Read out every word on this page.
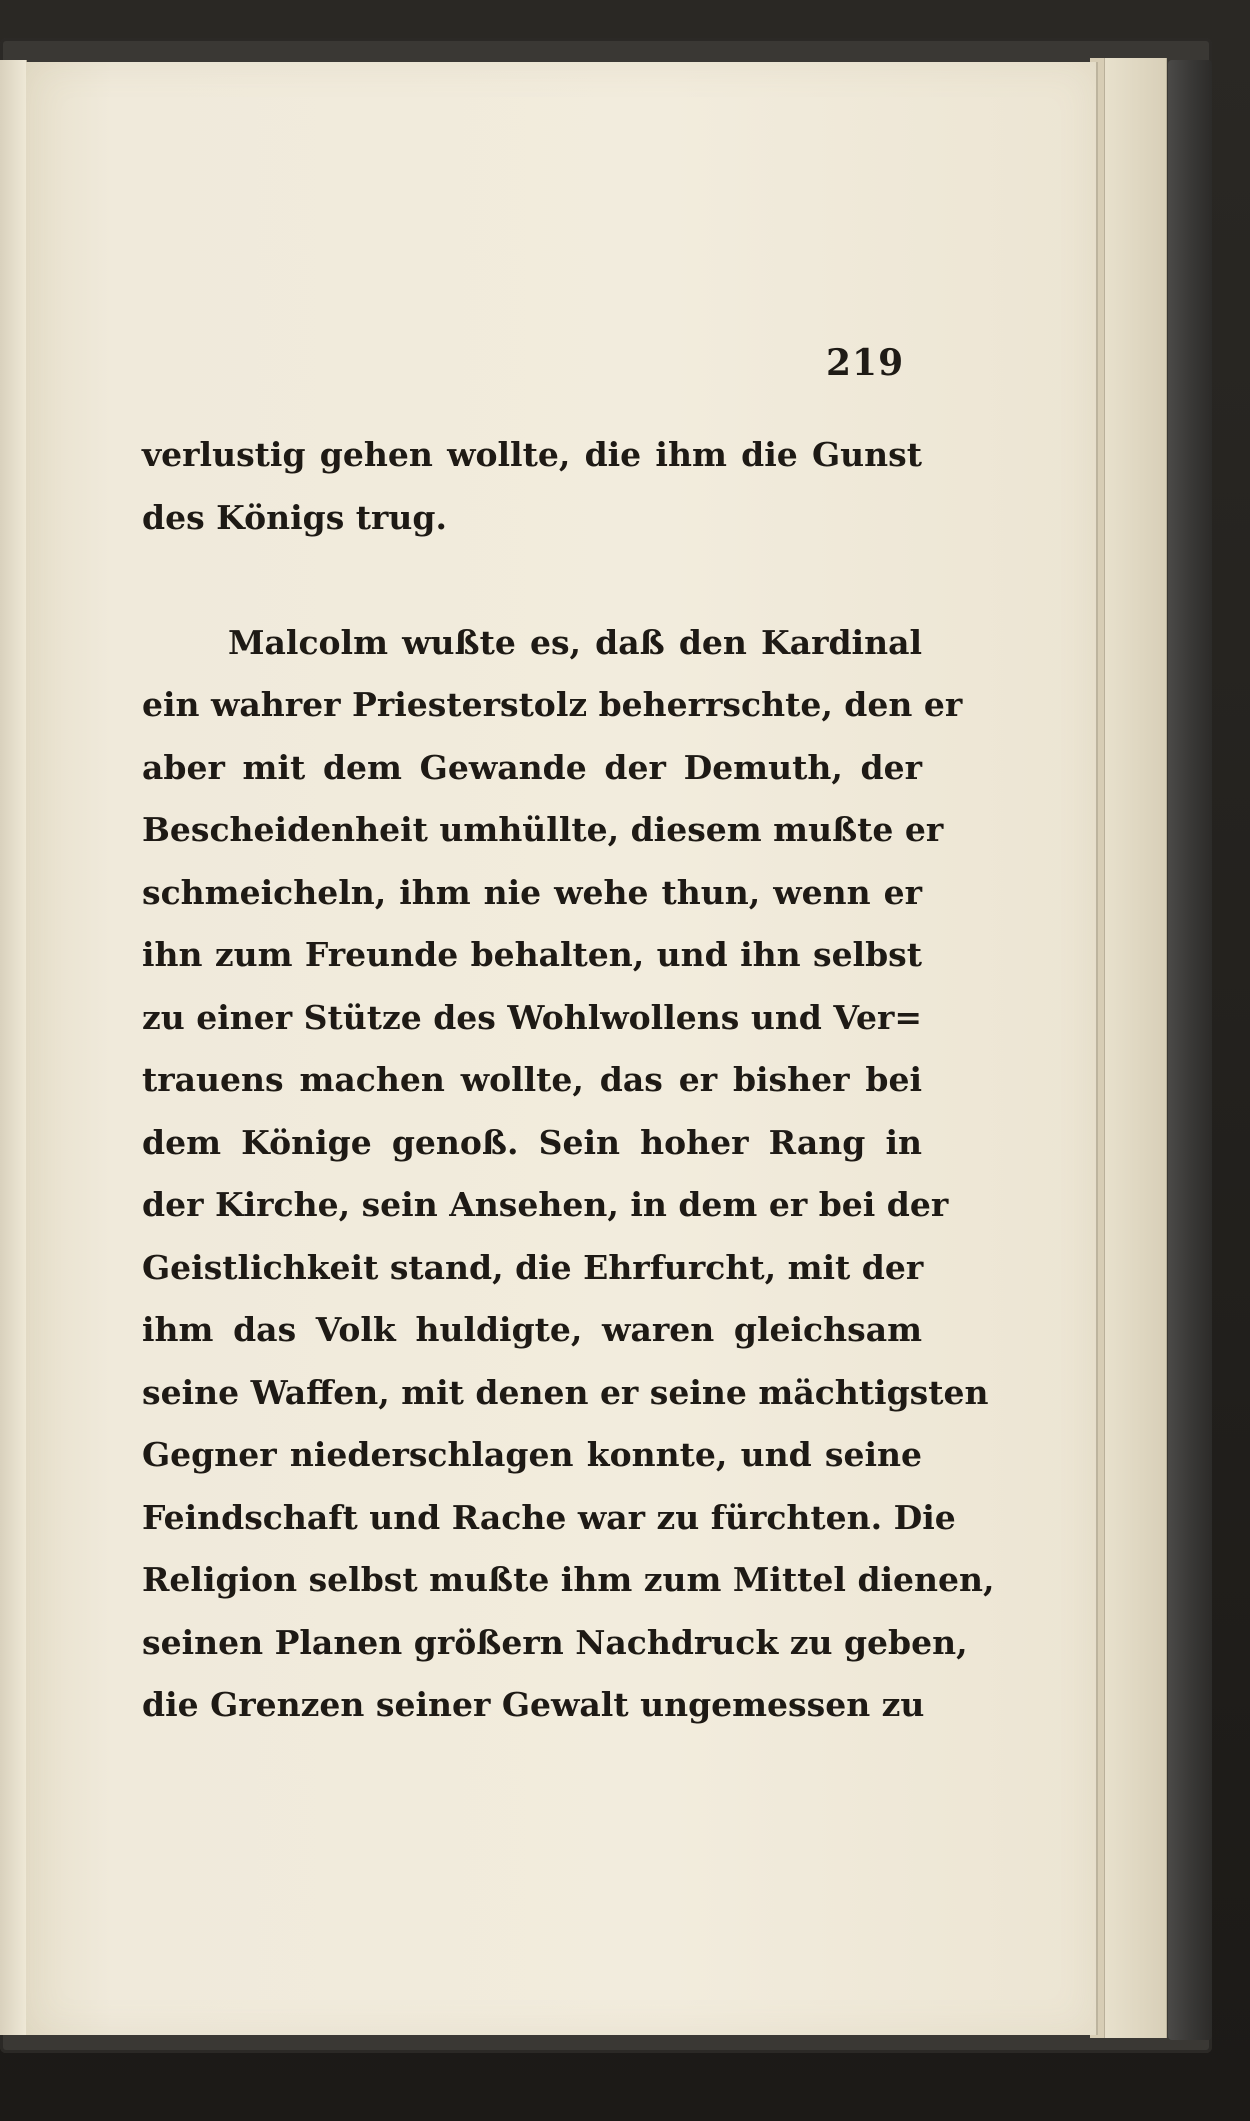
219
verlustig gehen wollte, die ihm die Gunst
des Königs trug.
Malcolm wußte es, daß den Kardinal
ein wahrer Priesterstolz beherrschte, den er
aber mit dem Gewande der Demuth, der
Bescheidenheit umhüllte, diesem mußte er
schmeicheln, ihm nie wehe thun, wenn er
ihn zum Freunde behalten, und ihn selbst
zu einer Stütze des Wohlwollens und Ver=
trauens machen wollte, das er bisher bei
dem Könige genoß. Sein hoher Rang in
der Kirche, sein Ansehen, in dem er bei der
Geistlichkeit stand, die Ehrfurcht, mit der
ihm das Volk huldigte, waren gleichsam
seine Waffen, mit denen er seine mächtigsten
Gegner niederschlagen konnte, und seine
Feindschaft und Rache war zu fürchten. Die
Religion selbst mußte ihm zum Mittel dienen,
seinen Planen größern Nachdruck zu geben,
die Grenzen seiner Gewalt ungemessen zu
